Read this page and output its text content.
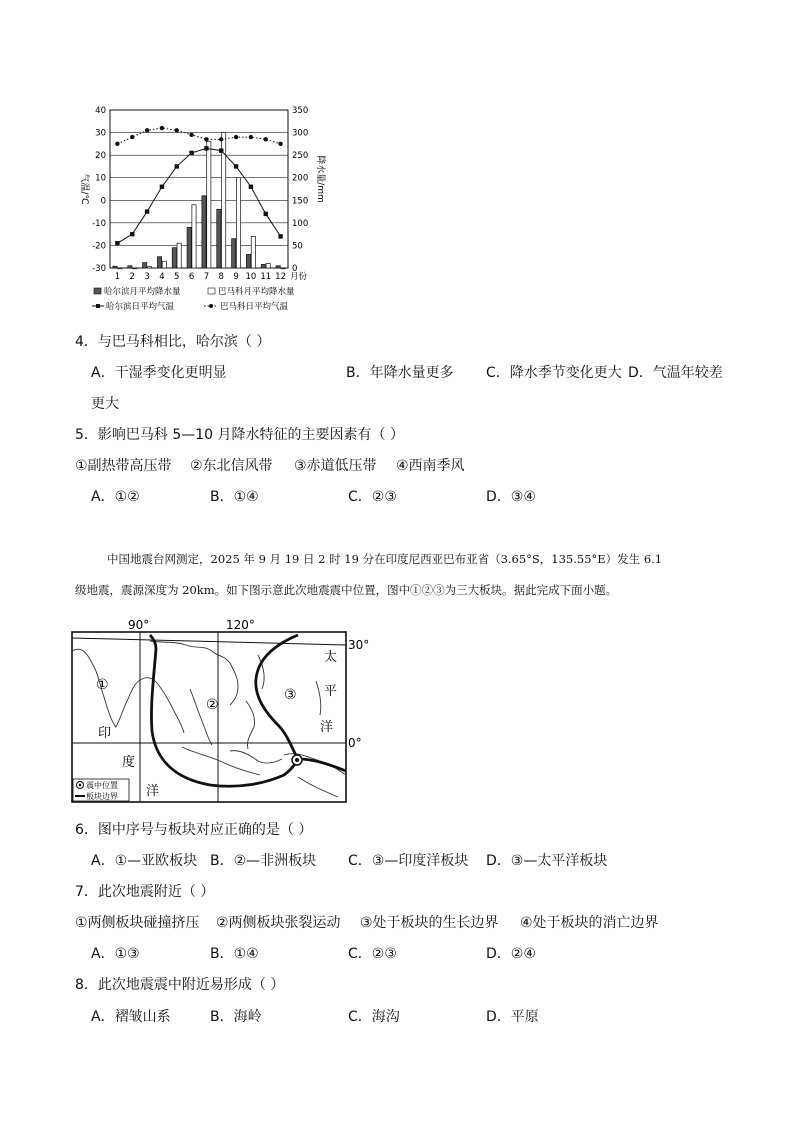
40
30
20
10
0
-10
-20
-30
350
300
250
200
150
100
50
0
气温/℃	降水量/mm
1 2 3 4 5 6 7 8 9 10 11 12 月份
哈尔滨月平均降水量	巴马科月平均降水量
哈尔滨日平均气温	巴马科日平均气温
4．与巴马科相比，哈尔滨（ ）
A．干湿季变化更明显	B．年降水量更多 C．降水季节变化更大 D．气温年较差
更大
5．影响巴马科 5—10 月降水特征的主要因素有（ ）
①副热带高压带 ②东北信风带 ③赤道低压带 ④西南季风
A．①②	B．①④	C．②③	D．③④
中国地震台网测定，2025 年 9 月 19 日 2 时 19 分在印度尼西亚巴布亚省（3.65°S，135.55°E）发生 6.1
级地震，震源深度为 20km。如下图示意此次地震震中位置，图中①②③为三大板块。据此完成下面小题。
①
②
③
太
平
洋
印
度
洋
90°	120°
30°
0°
震中位置
板块边界
6．图中序号与板块对应正确的是（ ）
A．①—亚欧板块 B．②—非洲板块 C．③—印度洋板块 D．③—太平洋板块
7．此次地震附近（ ）
①两侧板块碰撞挤压 ②两侧板块张裂运动 ③处于板块的生长边界 ④处于板块的消亡边界
A．①③	B．①④	C．②③	D．②④
8．此次地震震中附近易形成（ ）
A．褶皱山系	B．海岭	C．海沟	D．平原
